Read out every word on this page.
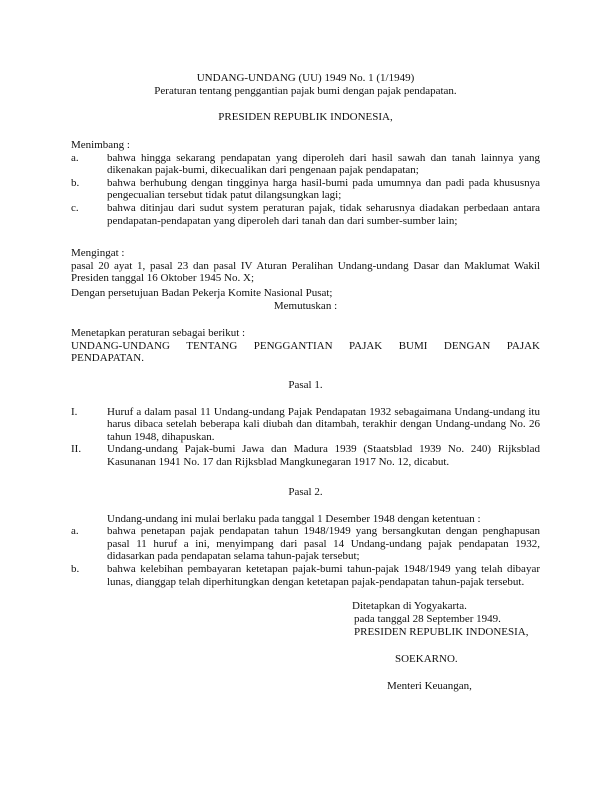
UNDANG-UNDANG (UU) 1949 No. 1 (1/1949)
Peraturan tentang penggantian pajak bumi dengan pajak pendapatan.
PRESIDEN REPUBLIK INDONESIA,
Menimbang :
a.	bahwa hingga sekarang pendapatan yang diperoleh dari hasil sawah dan tanah lainnya yang dikenakan pajak-bumi, dikecualikan dari pengenaan pajak pendapatan;
b.	bahwa berhubung dengan tingginya harga hasil-bumi pada umumnya dan padi pada khususnya pengecualian tersebut tidak patut dilangsungkan lagi;
c.	bahwa ditinjau dari sudut system peraturan pajak, tidak seharusnya diadakan perbedaan antara pendapatan-pendapatan yang diperoleh dari tanah dan dari sumber-sumber lain;
Mengingat :
pasal 20 ayat 1, pasal 23 dan pasal IV Aturan Peralihan Undang-undang Dasar dan Maklumat Wakil Presiden tanggal 16 Oktober 1945 No. X;
Dengan persetujuan Badan Pekerja Komite Nasional Pusat;
Memutuskan :
Menetapkan peraturan sebagai berikut :
UNDANG-UNDANG TENTANG PENGGANTIAN PAJAK BUMI DENGAN PAJAK PENDAPATAN.
Pasal 1.
I.	Huruf a dalam pasal 11 Undang-undang Pajak Pendapatan 1932 sebagaimana Undang-undang itu harus dibaca setelah beberapa kali diubah dan ditambah, terakhir dengan Undang-undang No. 26 tahun 1948, dihapuskan.
II. Undang-undang Pajak-bumi Jawa dan Madura 1939 (Staatsblad 1939 No. 240) Rijksblad Kasunanan 1941 No. 17 dan Rijksblad Mangkunegaran 1917 No. 12, dicabut.
Pasal 2.
Undang-undang ini mulai berlaku pada tanggal 1 Desember 1948 dengan ketentuan :
a.	bahwa penetapan pajak pendapatan tahun 1948/1949 yang bersangkutan dengan penghapusan pasal 11 huruf a ini, menyimpang dari pasal 14 Undang-undang pajak pendapatan 1932, didasarkan pada pendapatan selama tahun-pajak tersebut;
b.	bahwa kelebihan pembayaran ketetapan pajak-bumi tahun-pajak 1948/1949 yang telah dibayar lunas, dianggap telah diperhitungkan dengan ketetapan pajak-pendapatan tahun-pajak tersebut.
Ditetapkan di Yogyakarta.
pada tanggal 28 September 1949.
PRESIDEN REPUBLIK INDONESIA,
SOEKARNO.
Menteri Keuangan,
